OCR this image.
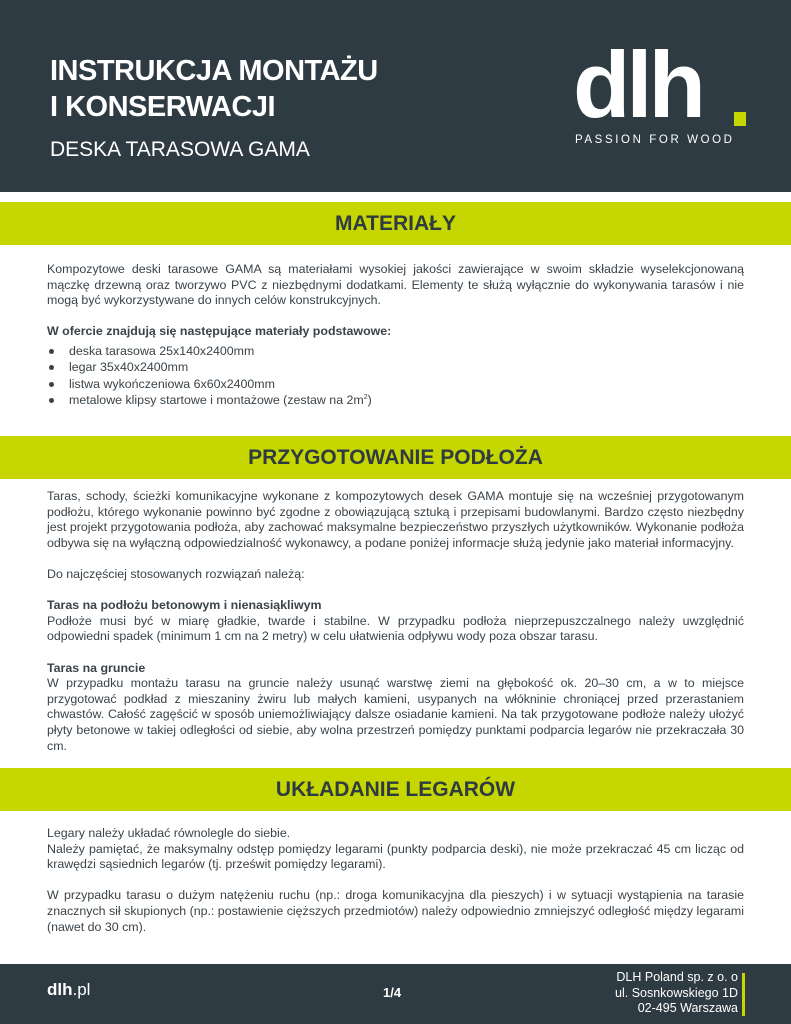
INSTRUKCJA MONTAŻU
I KONSERWACJI
DESKA TARASOWA GAMA
dlh
PASSION FOR WOOD
MATERIAŁY

Kompozytowe deski tarasowe GAMA są materiałami wysokiej jakości zawierające w swoim składzie wyselekcjonowaną mączkę drzewną oraz tworzywo PVC z niezbędnymi dodatkami. Elementy te służą wyłącznie do wykonywania tarasów i nie mogą być wykorzystywane do innych celów konstrukcyjnych.

W ofercie znajdują się następujące materiały podstawowe:

deska tarasowa 25x140x2400mm
legar 35x40x2400mm
listwa wykończeniowa 6x60x2400mm
metalowe klipsy startowe i montażowe (zestaw na $2m^2$)
PRZYGOTOWANIE PODŁOŻA

Taras, schody, ścieżki komunikacyjne wykonane z kompozytowych desek GAMA montuje się na wcześniej przygotowanym podłożu, którego wykonanie powinno być zgodne z obowiązującą sztuką i przepisami budowlanymi. Bardzo często niezbędny jest projekt przygotowania podłoża, aby zachować maksymalne bezpieczeństwo przyszłych użytkowników. Wykonanie podłoża odbywa się na wyłączną odpowiedzialność wykonawcy, a podane poniżej informacje służą jedynie jako materiał informacyjny.

Do najczęściej stosowanych rozwiązań należą:

Taras na podłożu betonowym i nienasiąkliwym

Podłoże musi być w miarę gładkie, twarde i stabilne. W przypadku podłoża nieprzepuszczalnego należy uwzględnić odpowiedni spadek (minimum 1 cm na 2 metry) w celu ułatwienia odpływu wody poza obszar tarasu.

Taras na gruncie

W przypadku montażu tarasu na gruncie należy usunąć warstwę ziemi na głębokość ok. 20–30 cm, a w to miejsce przygotować podkład z mieszaniny żwiru lub małych kamieni, usypanych na włókninie chroniącej przed przerastaniem chwastów. Całość zagęścić w sposób uniemożliwiający dalsze osiadanie kamieni. Na tak przygotowane podłoże należy ułożyć płyty betonowe w takiej odległości od siebie, aby wolna przestrzeń pomiędzy punktami podparcia legarów nie przekraczała 30 cm.

UKŁADANIE LEGARÓW

Legary należy układać równolegle do siebie.

Należy pamiętać, że maksymalny odstęp pomiędzy legarami (punkty podparcia deski), nie może przekraczać 45 cm licząc od krawędzi sąsiednich legarów (tj. prześwit pomiędzy legarami).

W przypadku tarasu o dużym natężeniu ruchu (np.: droga komunikacyjna dla pieszych) i w sytuacji wystąpienia na tarasie znacznych sił skupionych (np.: postawienie cięższych przedmiotów) należy odpowiednio zmniejszyć odległość między legarami (nawet do 30 cm).

dlh.pl	1/4
DLH Poland sp. z o. o
ul. Sosnkowskiego 1D
02-495 Warszawa
